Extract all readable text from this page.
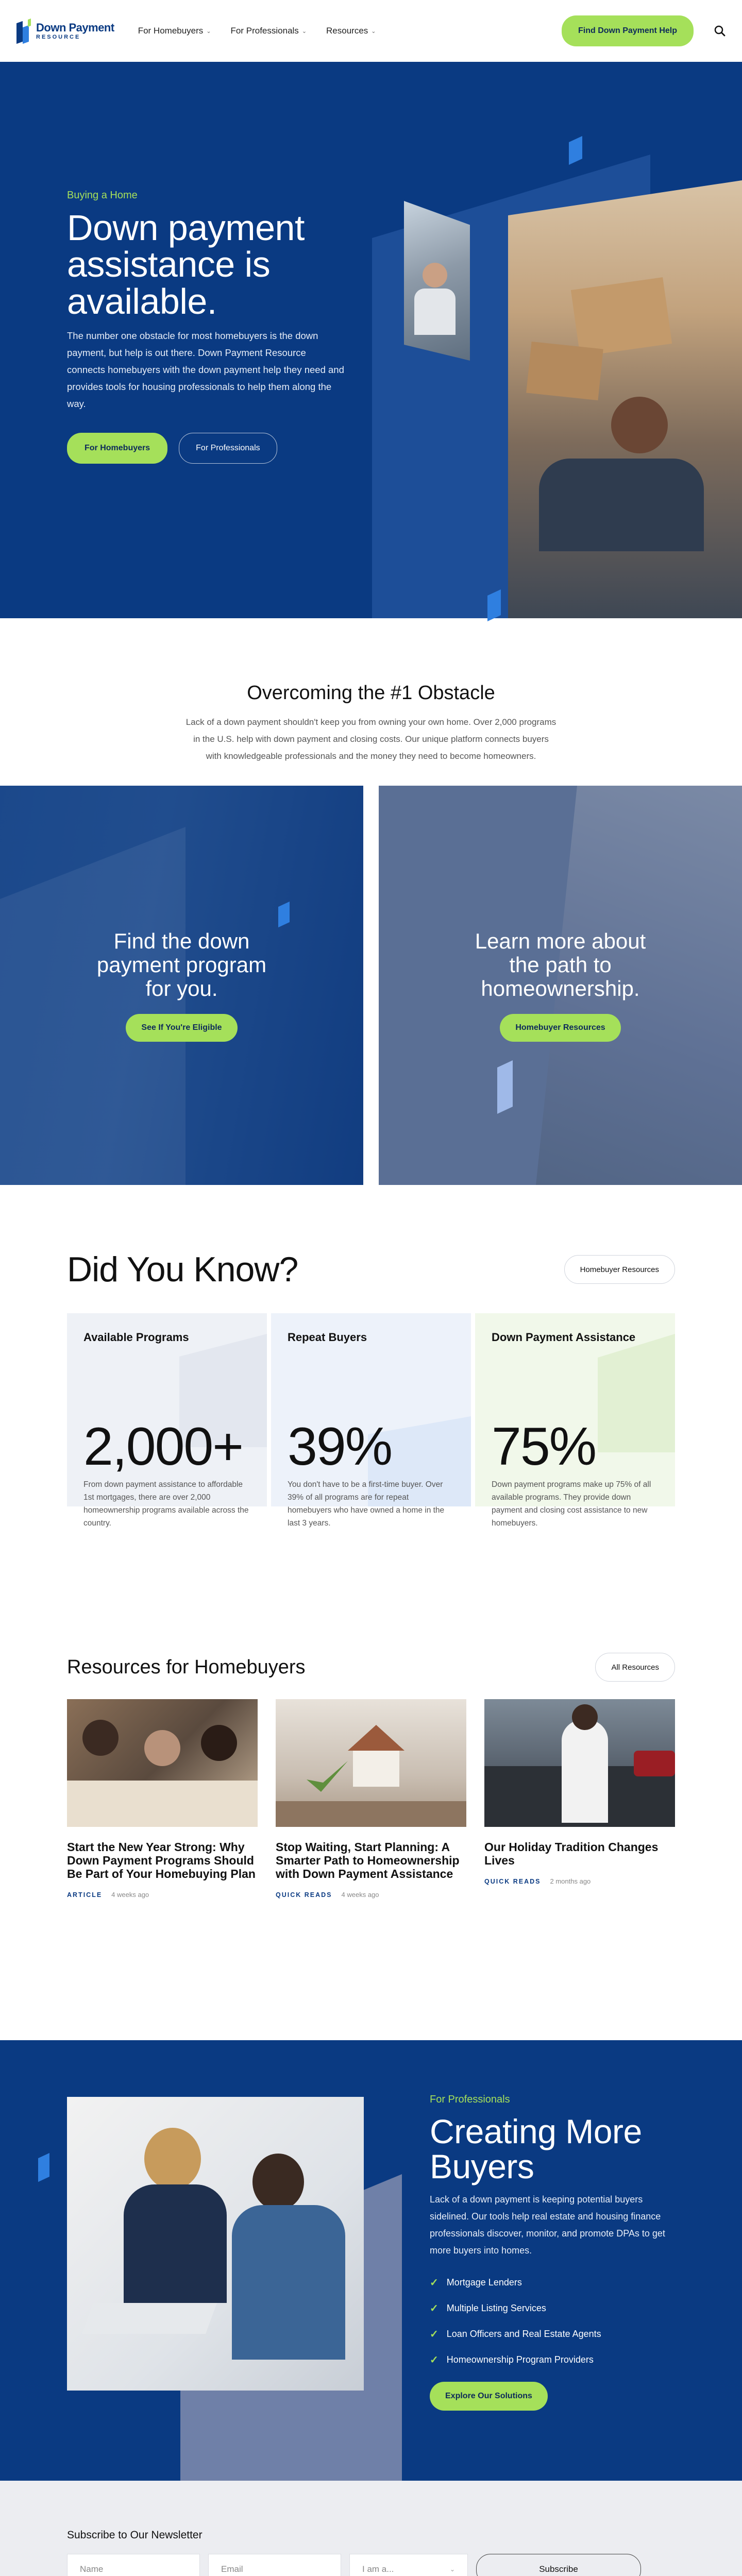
Down Payment
RESOURCE
For Homebuyers ⌄ For Professionals ⌄ Resources ⌄	Find Down Payment Help
Buying a Home
Down payment assistance is available.

The number one obstacle for most homebuyers is the down payment, but help is out there. Down Payment Resource connects homebuyers with the down payment help they need and provides tools for housing professionals to help them along the way.

For Homebuyers	For Professionals
Overcoming the #1 Obstacle

Lack of a down payment shouldn't keep you from owning your own home. Over 2,000 programs in the U.S. help with down payment and closing costs. Our unique platform connects buyers with knowledgeable professionals and the money they need to become homeowners.

Find the down payment program for you.
See If You're Eligible
Learn more about the path to homeownership.
Homebuyer Resources
Did You Know?	Homebuyer Resources
Available Programs
2,000+

From down payment assistance to affordable 1st mortgages, there are over 2,000 homeownership programs available across the country.

Repeat Buyers
39%

You don't have to be a first-time buyer. Over 39% of all programs are for repeat homebuyers who have owned a home in the last 3 years.

Down Payment Assistance
75%

Down payment programs make up 75% of all available programs. They provide down payment and closing cost assistance to new homebuyers.

Resources for Homebuyers	All Resources
Start the New Year Strong: Why Down Payment Programs Should Be Part of Your Homebuying Plan
ARTICLE 4 weeks ago
Stop Waiting, Start Planning: A Smarter Path to Homeownership with Down Payment Assistance
QUICK READS 4 weeks ago
Our Holiday Tradition Changes Lives
QUICK READS 2 months ago
For Professionals
Creating More Buyers

Lack of a down payment is keeping potential buyers sidelined. Our tools help real estate and housing finance professionals discover, monitor, and promote DPAs to get more buyers into homes.

✓ Mortgage Lenders
✓ Multiple Listing Services
✓ Loan Officers and Real Estate Agents
✓ Homeownership Program Providers
Explore Our Solutions
Subscribe to Our Newsletter
Name	Email	I am a...	⌄	Subscribe
